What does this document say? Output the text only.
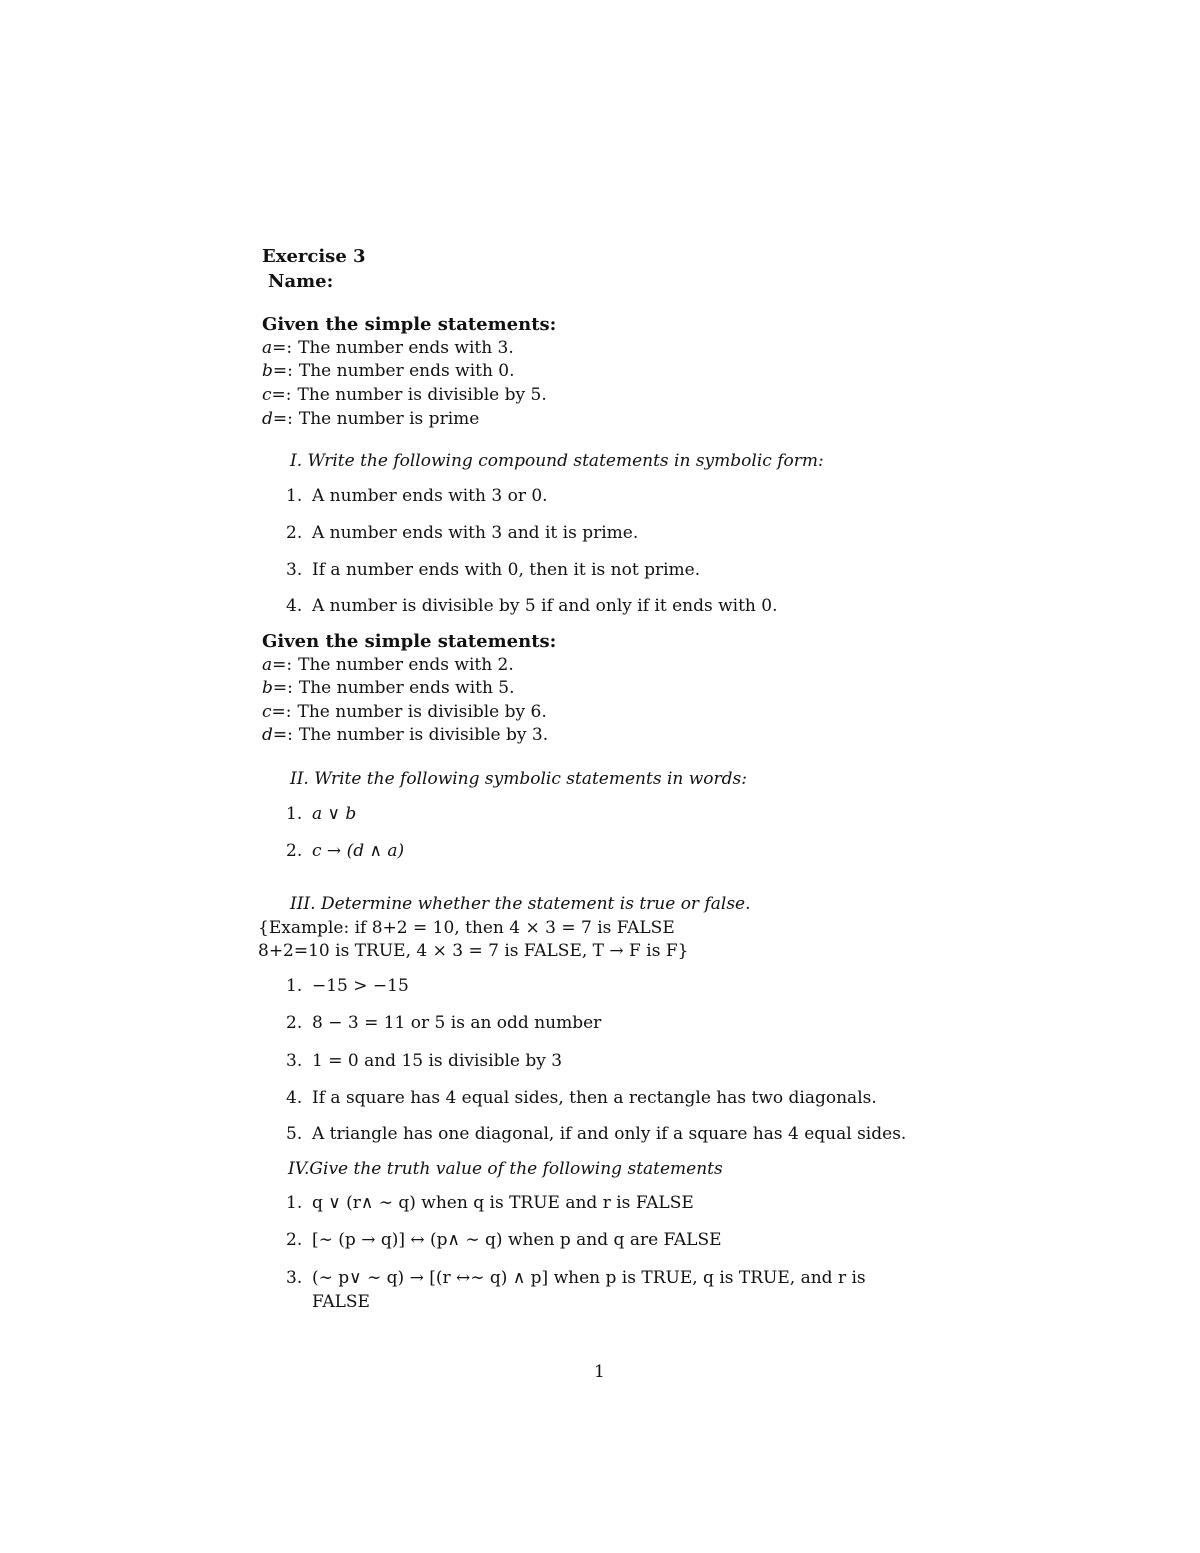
Exercise 3
Name:
Given the simple statements:
a=: The number ends with 3.
b=: The number ends with 0.
c=: The number is divisible by 5.
d=: The number is prime
I. Write the following compound statements in symbolic form:
1. A number ends with 3 or 0.
2. A number ends with 3 and it is prime.
3. If a number ends with 0, then it is not prime.
4. A number is divisible by 5 if and only if it ends with 0.
Given the simple statements:
a=: The number ends with 2.
b=: The number ends with 5.
c=: The number is divisible by 6.
d=: The number is divisible by 3.
II. Write the following symbolic statements in words:
1. a ∨ b
2. c → (d ∧ a)
III. Determine whether the statement is true or false.
{Example: if 8+2 = 10, then 4 × 3 = 7 is FALSE
8+2=10 is TRUE, 4 × 3 = 7 is FALSE, T → F is F}
1. −15 > −15
2. 8 − 3 = 11 or 5 is an odd number
3. 1 = 0 and 15 is divisible by 3
4. If a square has 4 equal sides, then a rectangle has two diagonals.
5. A triangle has one diagonal, if and only if a square has 4 equal sides.
IV.Give the truth value of the following statements
1. q ∨ (r∧ ∼ q) when q is TRUE and r is FALSE
2. [∼ (p → q)] ↔ (p∧ ∼ q) when p and q are FALSE
3. (∼ p∨ ∼ q) → [(r ↔∼ q) ∧ p] when p is TRUE, q is TRUE, and r is
FALSE
1
